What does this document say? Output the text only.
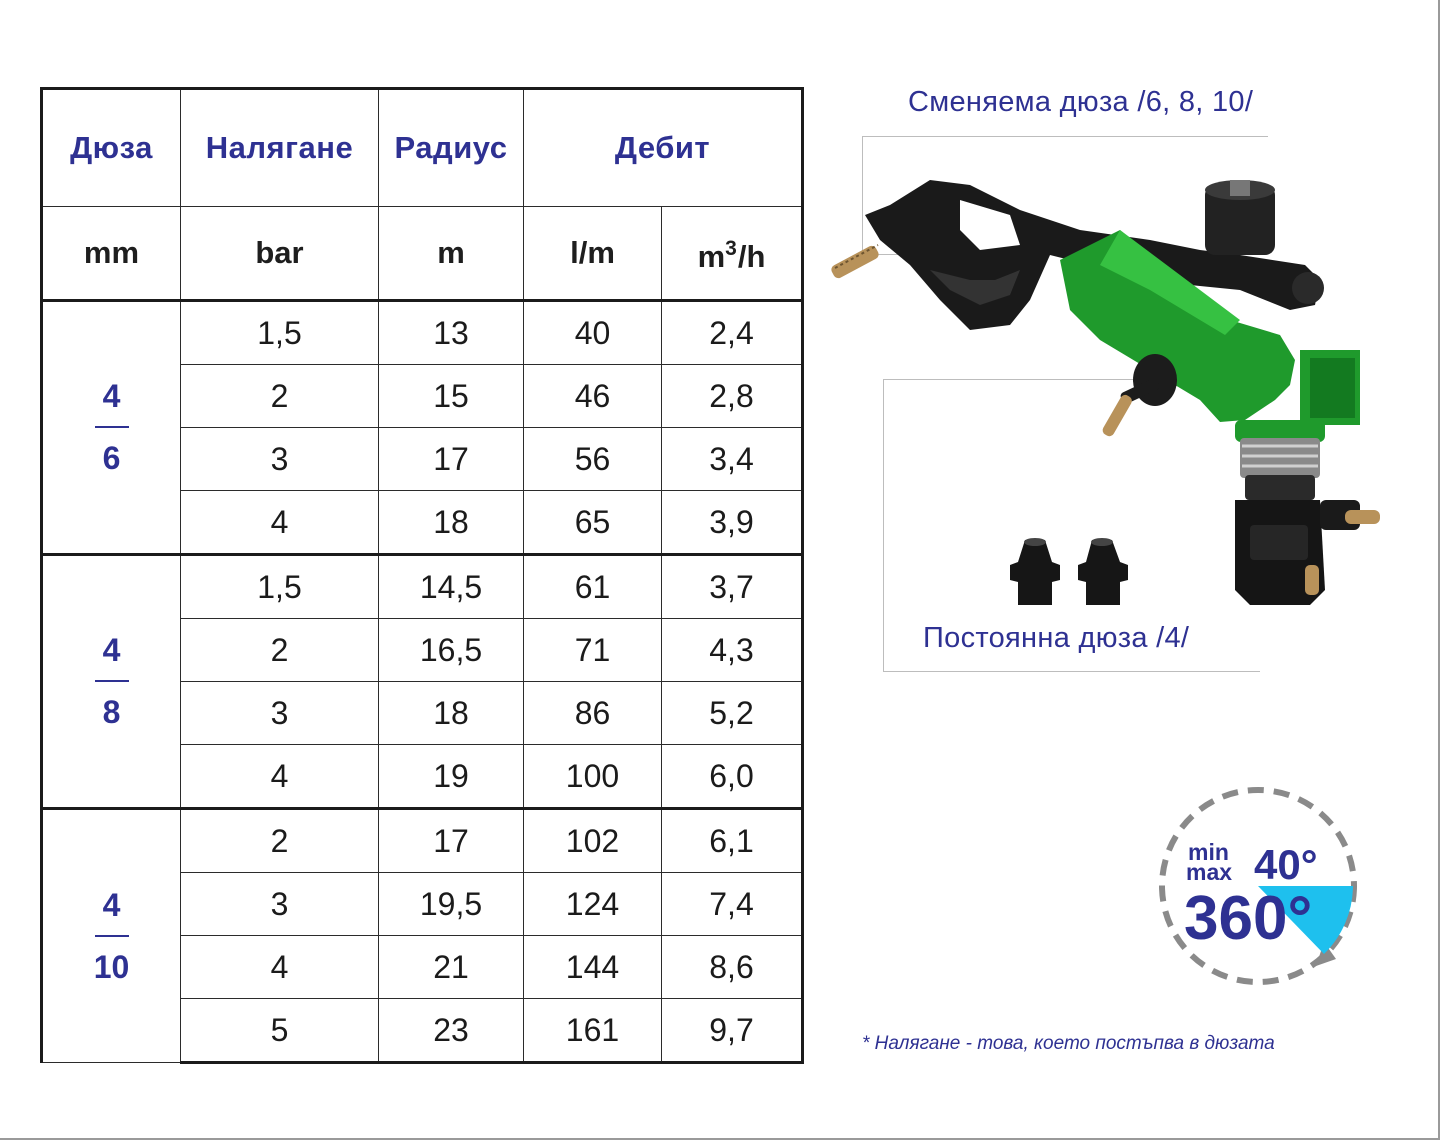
Дюза	Налягане	Радиус	Дебит	
mm	bar	m	l/m	$m^3/h$

$\frac{4}{6}$	1,5	13	40	2,4
	2	15	46	2,8
	3	17	56	3,4
	4	18	65	3,9

$\frac{4}{8}$	1,5	14,5	61	3,7
	2	16,5	71	4,3
	3	18	86	5,2
	4	19	100	6,0

$\frac{4}{10}$	2	17	102	6,1
	3	19,5	124	7,4
	4	21	144	8,6
	5	23	161	9,7
Сменяема дюза /6, 8, 10/
Постоянна дюза /4/
min
max 40°
360°
* Налягане - това, което постъпва в дюзата
